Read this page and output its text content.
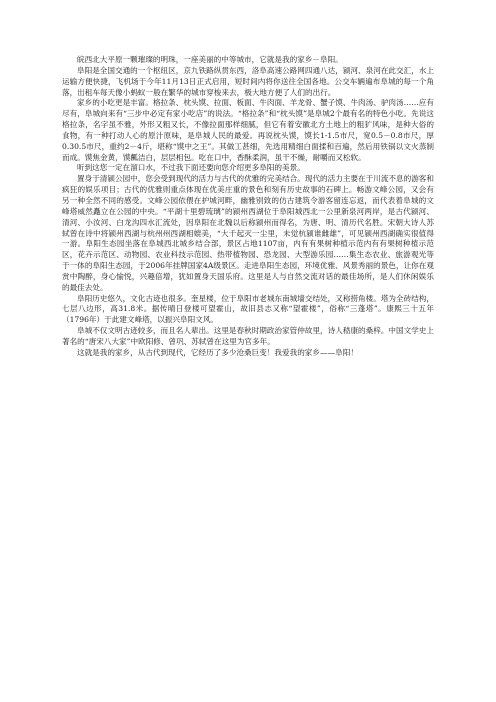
皖西北大平原一颗璀璨的明珠，一座美丽的中等城市，它就是我的家乡－阜阳。

阜阳是全国交通的一个枢纽区，京九铁路纵贯东西，洛阜高速公路网四通八达，颍河、泉河在此交汇，水上运输方便快捷，飞机场于今年11月13日正式启用，短时间内将你送往全国各地。公交车辆遍布阜城的每一个角落，出租车每天像小蚂蚁一般在繁华的城市穿梭来去，极大地方便了人们的出行。

家乡的小吃更是丰富。格拉条、枕头馍、拉面、板面、牛肉面、羊龙骨、蟹子馍、牛肉汤、驴肉汤……应有尽有，阜城向来有“三步中必定有家小吃店”的说法。“格拉条”和“枕头馍”是阜城2个最有名的特色小吃。先说这格拉条，名字虽不雅，外形又粗又长，不像拉面那样细腻，但它有着安徽北方土地上的粗犷风味，是种大俗的食物，有一种打动人心的原汁原味，是阜城人民的最爱。再说枕头馍，馍长1-1.5市尺，宽0.5－0.8市尺，厚0.30.5市尺，重约2－4斤，堪称“馍中之王”。其做工甚细，先选用精细白面揉和百遍，然后用铁锅以文火蒸制而成。馍焦金黄，馍瓤洁白，层层相包。吃在口中，香酥柔润，虽干不燥，耐嚼而又松软。

听到这您一定在溜口水，不过我下面还要向您介绍更多阜阳的美景。

置身于清颍公园中，您会受到现代的活力与古代的优雅的完美结合。现代的活力主要在于川流不息的游客和疯狂的娱乐项目；古代的优雅则重点体现在优美庄重的景色和刻有历史故事的石碑上。畅游文峰公园，又会有另一种全然不同的感受。文峰公园依偎在护城河畔，幽雅别致的仿古建筑令游客留连忘返，而代表着阜城的文峰塔威然矗立在公园的中央。“平湖十里碧琉璃”的颍州西湖位于阜阳城西北一公里新泉河两岸，是古代颍河、清河、小汝河、白龙沟四水汇流处，因阜阳在北魏以后称颍州而得名，为唐、明、清历代名胜。宋朝大诗人苏轼曾在诗中将颍州西湖与杭州州西湖相媲美，“大千起灭一尘里，未觉杭颍谁雌雄”，可见颍州西湖确实很值得一游。阜阳生态园坐落在阜城西北城乡结合部，景区占地1107亩，内有有果树种植示范内有有果树种植示范区，花卉示范区、动物园、农业科技示范园、热带植物园、恐龙园、大型游乐园……集生态农业、旅游观光等于一体的阜阳生态园，于2006年挂牌国家4A级景区。走进阜阳生态园，环境优雅、风景秀丽的景色，让你在观赏中陶醉，身心愉悦，兴趣倍增，犹如置身天国乐府。这里是人与自然交流对话的最佳场所，是人们休闲娱乐的最佳去处。

阜阳历史悠久，文化古迹也很多。奎星楼，位于阜阳市老城东南城墙交结处，又称捞角楼。塔为全砖结构，七层八边形，高31.8米。据传晴日登楼可望霍山，故旧县志又称“望霍楼”，俗称“三蓬塔”。康熙三十五年（1796年）于此建文峰塔，以振兴阜阳文风。

阜城不仅文明古迹较多，而且名人辈出。这里是春秋时期政治家管仲故里，诗人嵇康的桑梓。中国文学史上著名的“唐宋八大家”中欧阳修、曾巩、苏轼曾在这里为官多年。

这就是我的家乡，从古代到现代，它经历了多少沧桑巨变！我爱我的家乡——阜阳！
